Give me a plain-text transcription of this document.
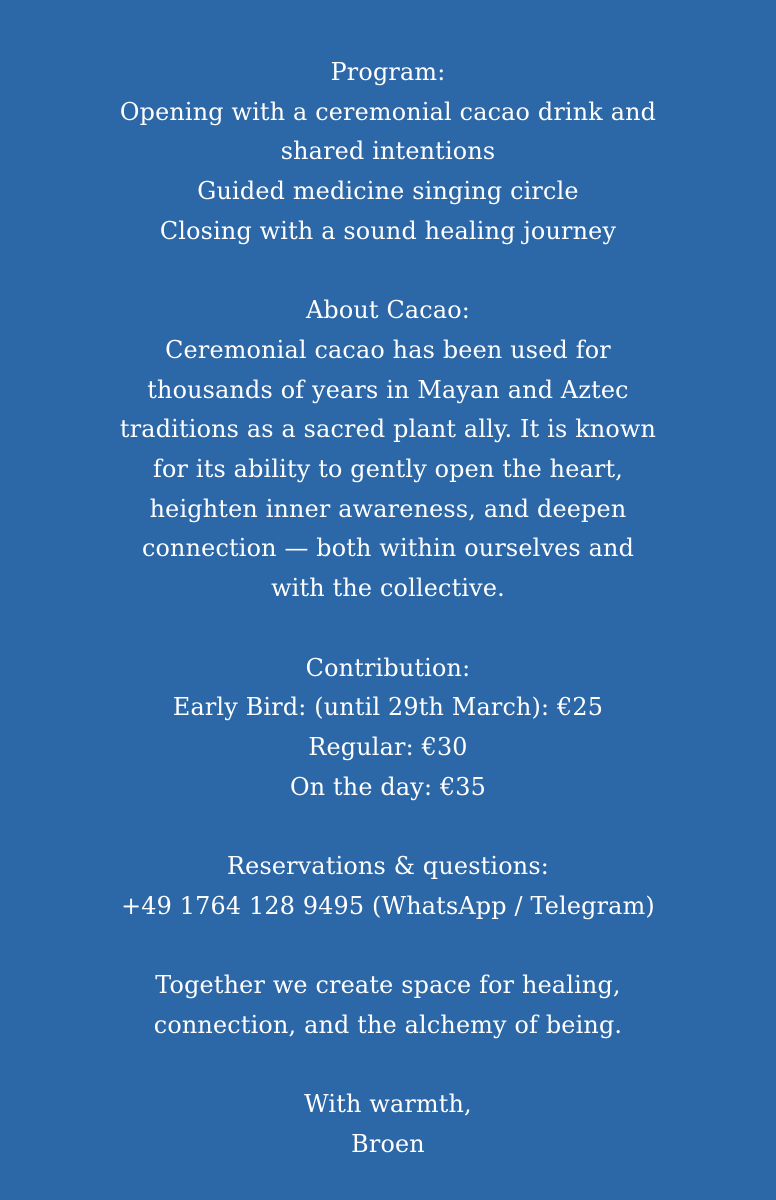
Program:
Opening with a ceremonial cacao drink and
shared intentions
Guided medicine singing circle
Closing with a sound healing journey
About Cacao:
Ceremonial cacao has been used for
thousands of years in Mayan and Aztec
traditions as a sacred plant ally. It is known
for its ability to gently open the heart,
heighten inner awareness, and deepen
connection — both within ourselves and
with the collective.
Contribution:
Early Bird: (until 29th March): €25
Regular: €30
On the day: €35
Reservations & questions:
+49 1764 128 9495 (WhatsApp / Telegram)
Together we create space for healing,
connection, and the alchemy of being.
With warmth,
Broen
